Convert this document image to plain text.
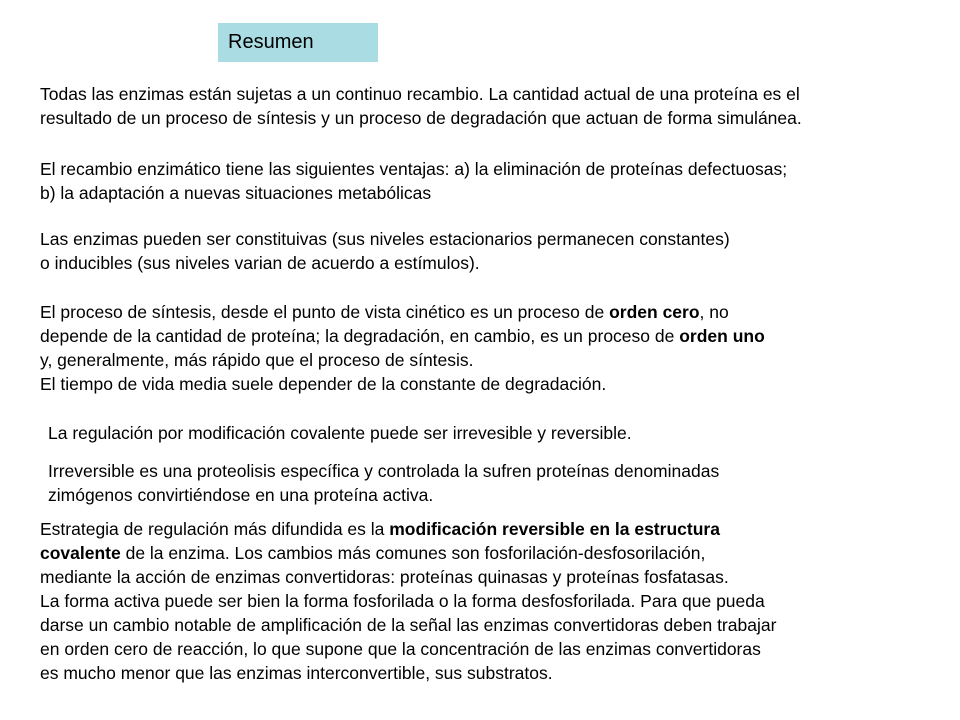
Resumen

Todas las enzimas están sujetas a un continuo recambio. La cantidad actual de una proteína es el
resultado de un proceso de síntesis y un proceso de degradación que actuan de forma simulánea.

El recambio enzimático tiene las siguientes ventajas: a) la eliminación de proteínas defectuosas;
b) la adaptación a nuevas situaciones metabólicas

Las enzimas pueden ser constituivas (sus niveles estacionarios permanecen constantes)
o inducibles (sus niveles varian de acuerdo a estímulos).

El proceso de síntesis, desde el punto de vista cinético es un proceso de orden cero, no
depende de la cantidad de proteína; la degradación, en cambio, es un proceso de orden uno
y, generalmente, más rápido que el proceso de síntesis.
El tiempo de vida media suele depender de la constante de degradación.

La regulación por modificación covalente puede ser irrevesible y reversible.

Irreversible es una proteolisis específica y controlada la sufren proteínas denominadas
zimógenos convirtiéndose en una proteína activa.

Estrategia de regulación más difundida es la modificación reversible en la estructura
covalente de la enzima. Los cambios más comunes son fosforilación-desfosorilación,
mediante la acción de enzimas convertidoras: proteínas quinasas y proteínas fosfatasas.
La forma activa puede ser bien la forma fosforilada o la forma desfosforilada. Para que pueda
darse un cambio notable de amplificación de la señal las enzimas convertidoras deben trabajar
en orden cero de reacción, lo que supone que la concentración de las enzimas convertidoras
es mucho menor que las enzimas interconvertible, sus substratos.
